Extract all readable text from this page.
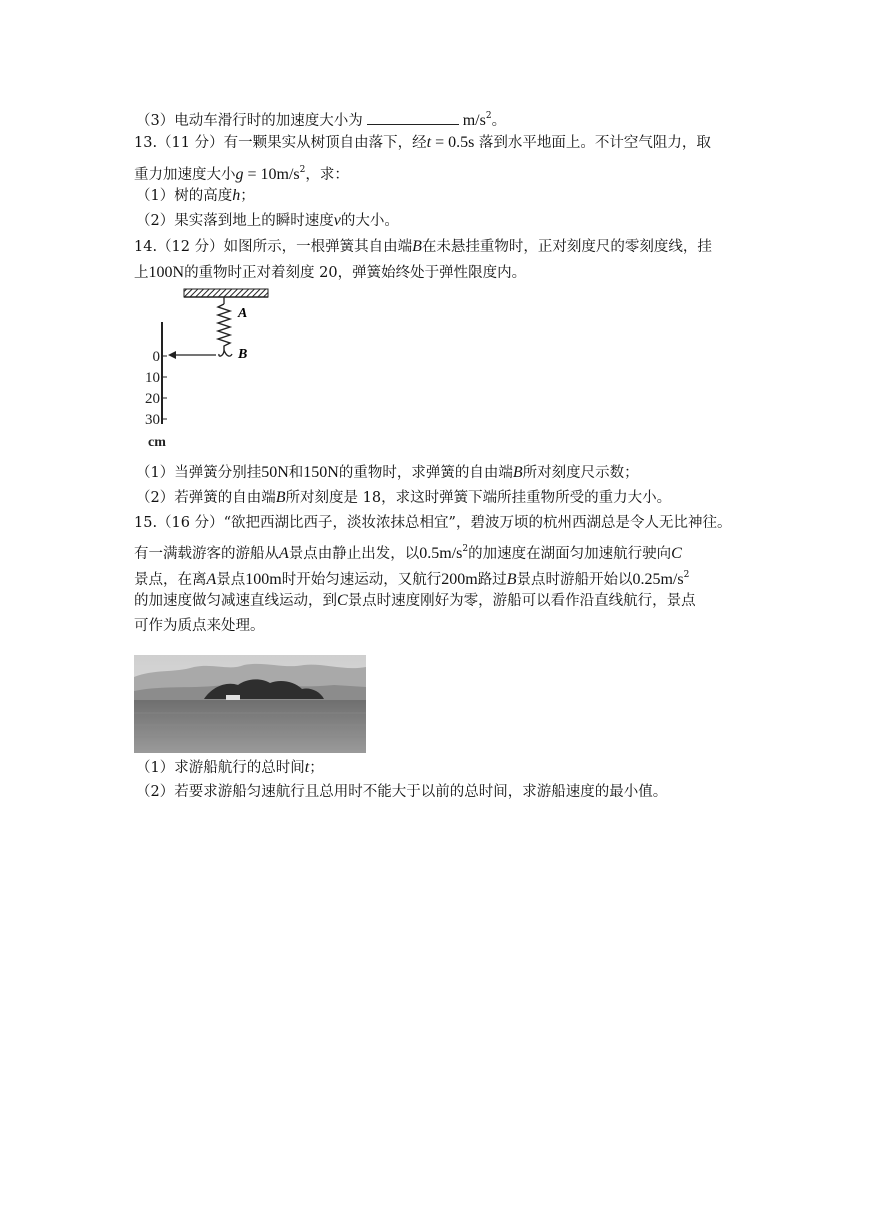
（3）电动车滑行时的加速度大小为	$m/s^2$。
13.（11 分）有一颗果实从树顶自由落下，经t = 0.5s 落到水平地面上。不计空气阻力，取
重力加速度大小$g = 10m/s^2$，求：
（1）树的高度h；
（2）果实落到地上的瞬时速度v的大小。
14.（12 分）如图所示，一根弹簧其自由端B在未悬挂重物时，正对刻度尺的零刻度线，挂
上100N的重物时正对着刻度 20，弹簧始终处于弹性限度内。
A
B
0
10
20
30
cm
（1）当弹簧分别挂50N和150N的重物时，求弹簧的自由端B所对刻度尺示数；
（2）若弹簧的自由端B所对刻度是 18，求这时弹簧下端所挂重物所受的重力大小。
15.（16 分）“欲把西湖比西子，淡妆浓抹总相宜”，碧波万顷的杭州西湖总是令人无比神往。
有一满载游客的游船从A景点由静止出发，以$0.5m/s^2$的加速度在湖面匀加速航行驶向C
景点，在离A景点100m时开始匀速运动，又航行200m路过B景点时游船开始以$0.25m/s^2$
的加速度做匀减速直线运动，到C景点时速度刚好为零，游船可以看作沿直线航行，景点
可作为质点来处理。
（1）求游船航行的总时间t；
（2）若要求游船匀速航行且总用时不能大于以前的总时间，求游船速度的最小值。
